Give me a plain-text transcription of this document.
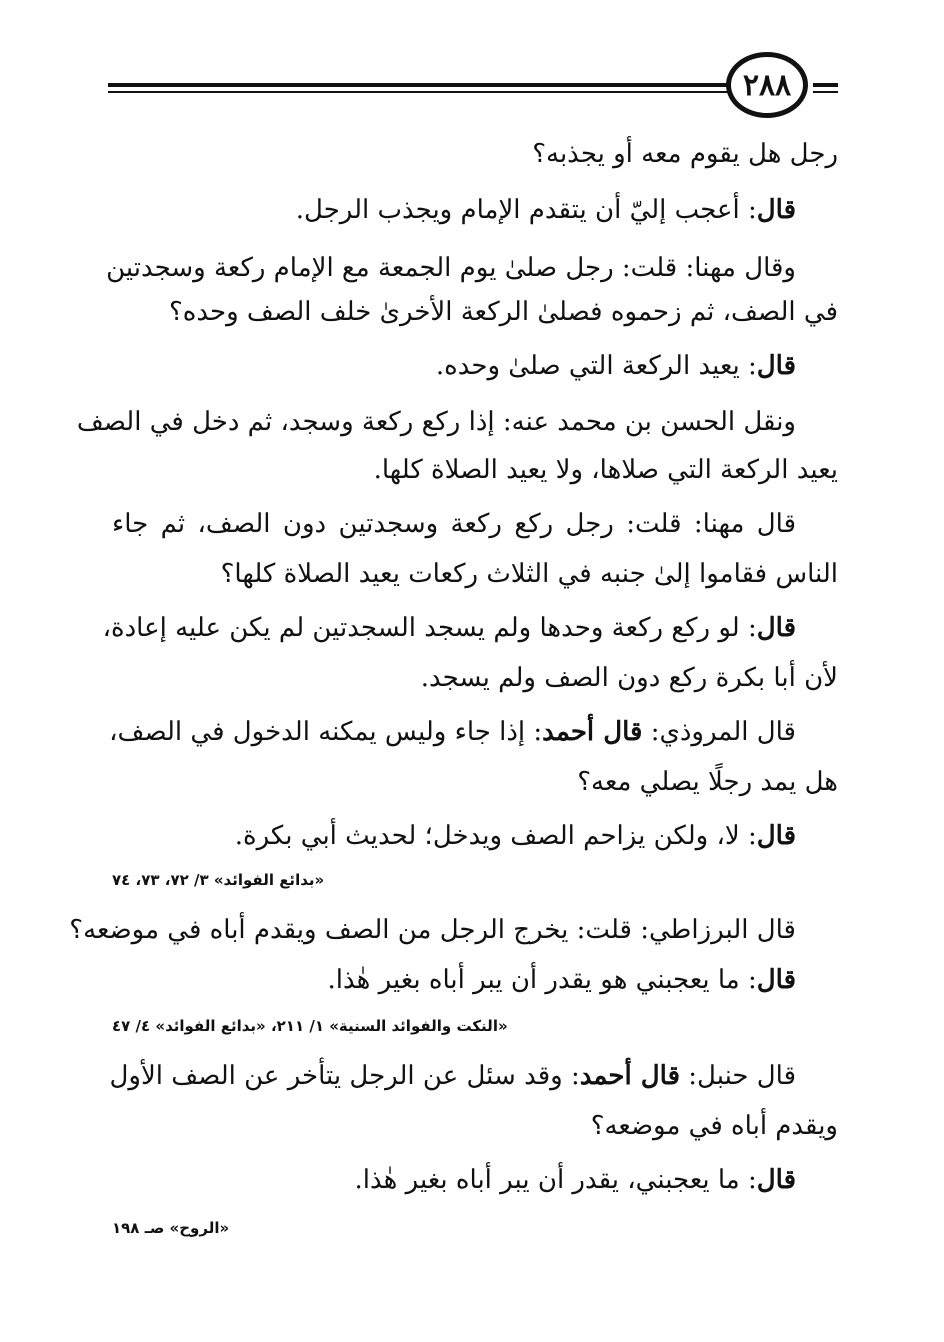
٢٨٨
رجل هل يقوم معه أو يجذبه؟
قال: أعجب إليّ أن يتقدم الإمام ويجذب الرجل.
وقال مهنا: قلت: رجل صلىٰ يوم الجمعة مع الإمام ركعة وسجدتين
في الصف، ثم زحموه فصلىٰ الركعة الأخرىٰ خلف الصف وحده؟
قال: يعيد الركعة التي صلىٰ وحده.
ونقل الحسن بن محمد عنه: إذا ركع ركعة وسجد، ثم دخل في الصف
يعيد الركعة التي صلاها، ولا يعيد الصلاة كلها.
قال مهنا: قلت: رجل ركع ركعة وسجدتين دون الصف، ثم جاء
الناس فقاموا إلىٰ جنبه في الثلاث ركعات يعيد الصلاة كلها؟
قال: لو ركع ركعة وحدها ولم يسجد السجدتين لم يكن عليه إعادة،
لأن أبا بكرة ركع دون الصف ولم يسجد.
قال المروذي: قال أحمد: إذا جاء وليس يمكنه الدخول في الصف،
هل يمد رجلًا يصلي معه؟
قال: لا، ولكن يزاحم الصف ويدخل؛ لحديث أبي بكرة.
«بدائع الفوائد» ٣/ ٧٢، ٧٣، ٧٤
قال البرزاطي: قلت: يخرج الرجل من الصف ويقدم أباه في موضعه؟
قال: ما يعجبني هو يقدر أن يبر أباه بغير هٰذا.
«النكت والفوائد السنية» ١/ ٢١١، «بدائع الفوائد» ٤/ ٤٧
قال حنبل: قال أحمد: وقد سئل عن الرجل يتأخر عن الصف الأول
ويقدم أباه في موضعه؟
قال: ما يعجبني، يقدر أن يبر أباه بغير هٰذا.
«الروح» صـ ١٩٨
